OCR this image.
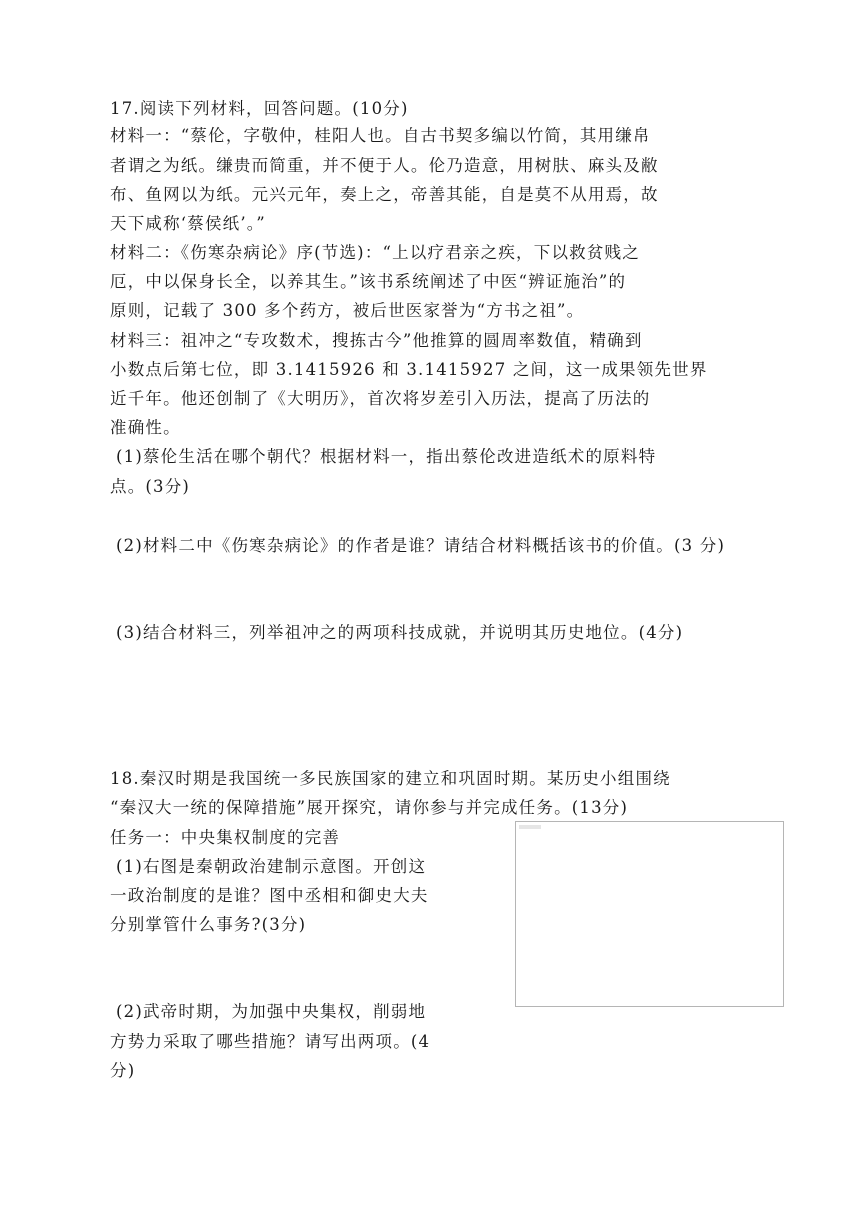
17.阅读下列材料，回答问题。(10分)
材料一：“蔡伦，字敬仲，桂阳人也。自古书契多编以竹简，其用缣帛
者谓之为纸。缣贵而简重，并不便于人。伦乃造意，用树肤、麻头及敝
布、鱼网以为纸。元兴元年，奏上之，帝善其能，自是莫不从用焉，故
天下咸称‘蔡侯纸’。”
材料二：《伤寒杂病论》序(节选)：“上以疗君亲之疾，下以救贫贱之
厄，中以保身长全，以养其生。”该书系统阐述了中医“辨证施治”的
原则，记载了 300 多个药方，被后世医家誉为“方书之祖”。
材料三：祖冲之“专攻数术，搜拣古今”他推算的圆周率数值，精确到
小数点后第七位，即 3.1415926 和 3.1415927 之间，这一成果领先世界
近千年。他还创制了《大明历》，首次将岁差引入历法，提高了历法的
准确性。
(1)蔡伦生活在哪个朝代？根据材料一，指出蔡伦改进造纸术的原料特
点。(3分)
(2)材料二中《伤寒杂病论》的作者是谁？请结合材料概括该书的价值。(3 分)
(3)结合材料三，列举祖冲之的两项科技成就，并说明其历史地位。(4分)
18.秦汉时期是我国统一多民族国家的建立和巩固时期。某历史小组围绕
“秦汉大一统的保障措施”展开探究，请你参与并完成任务。(13分)
任务一：中央集权制度的完善
(1)右图是秦朝政治建制示意图。开创这
一政治制度的是谁？图中丞相和御史大夫
分别掌管什么事务?(3分)
(2)武帝时期，为加强中央集权，削弱地
方势力采取了哪些措施？请写出两项。(4
分)
